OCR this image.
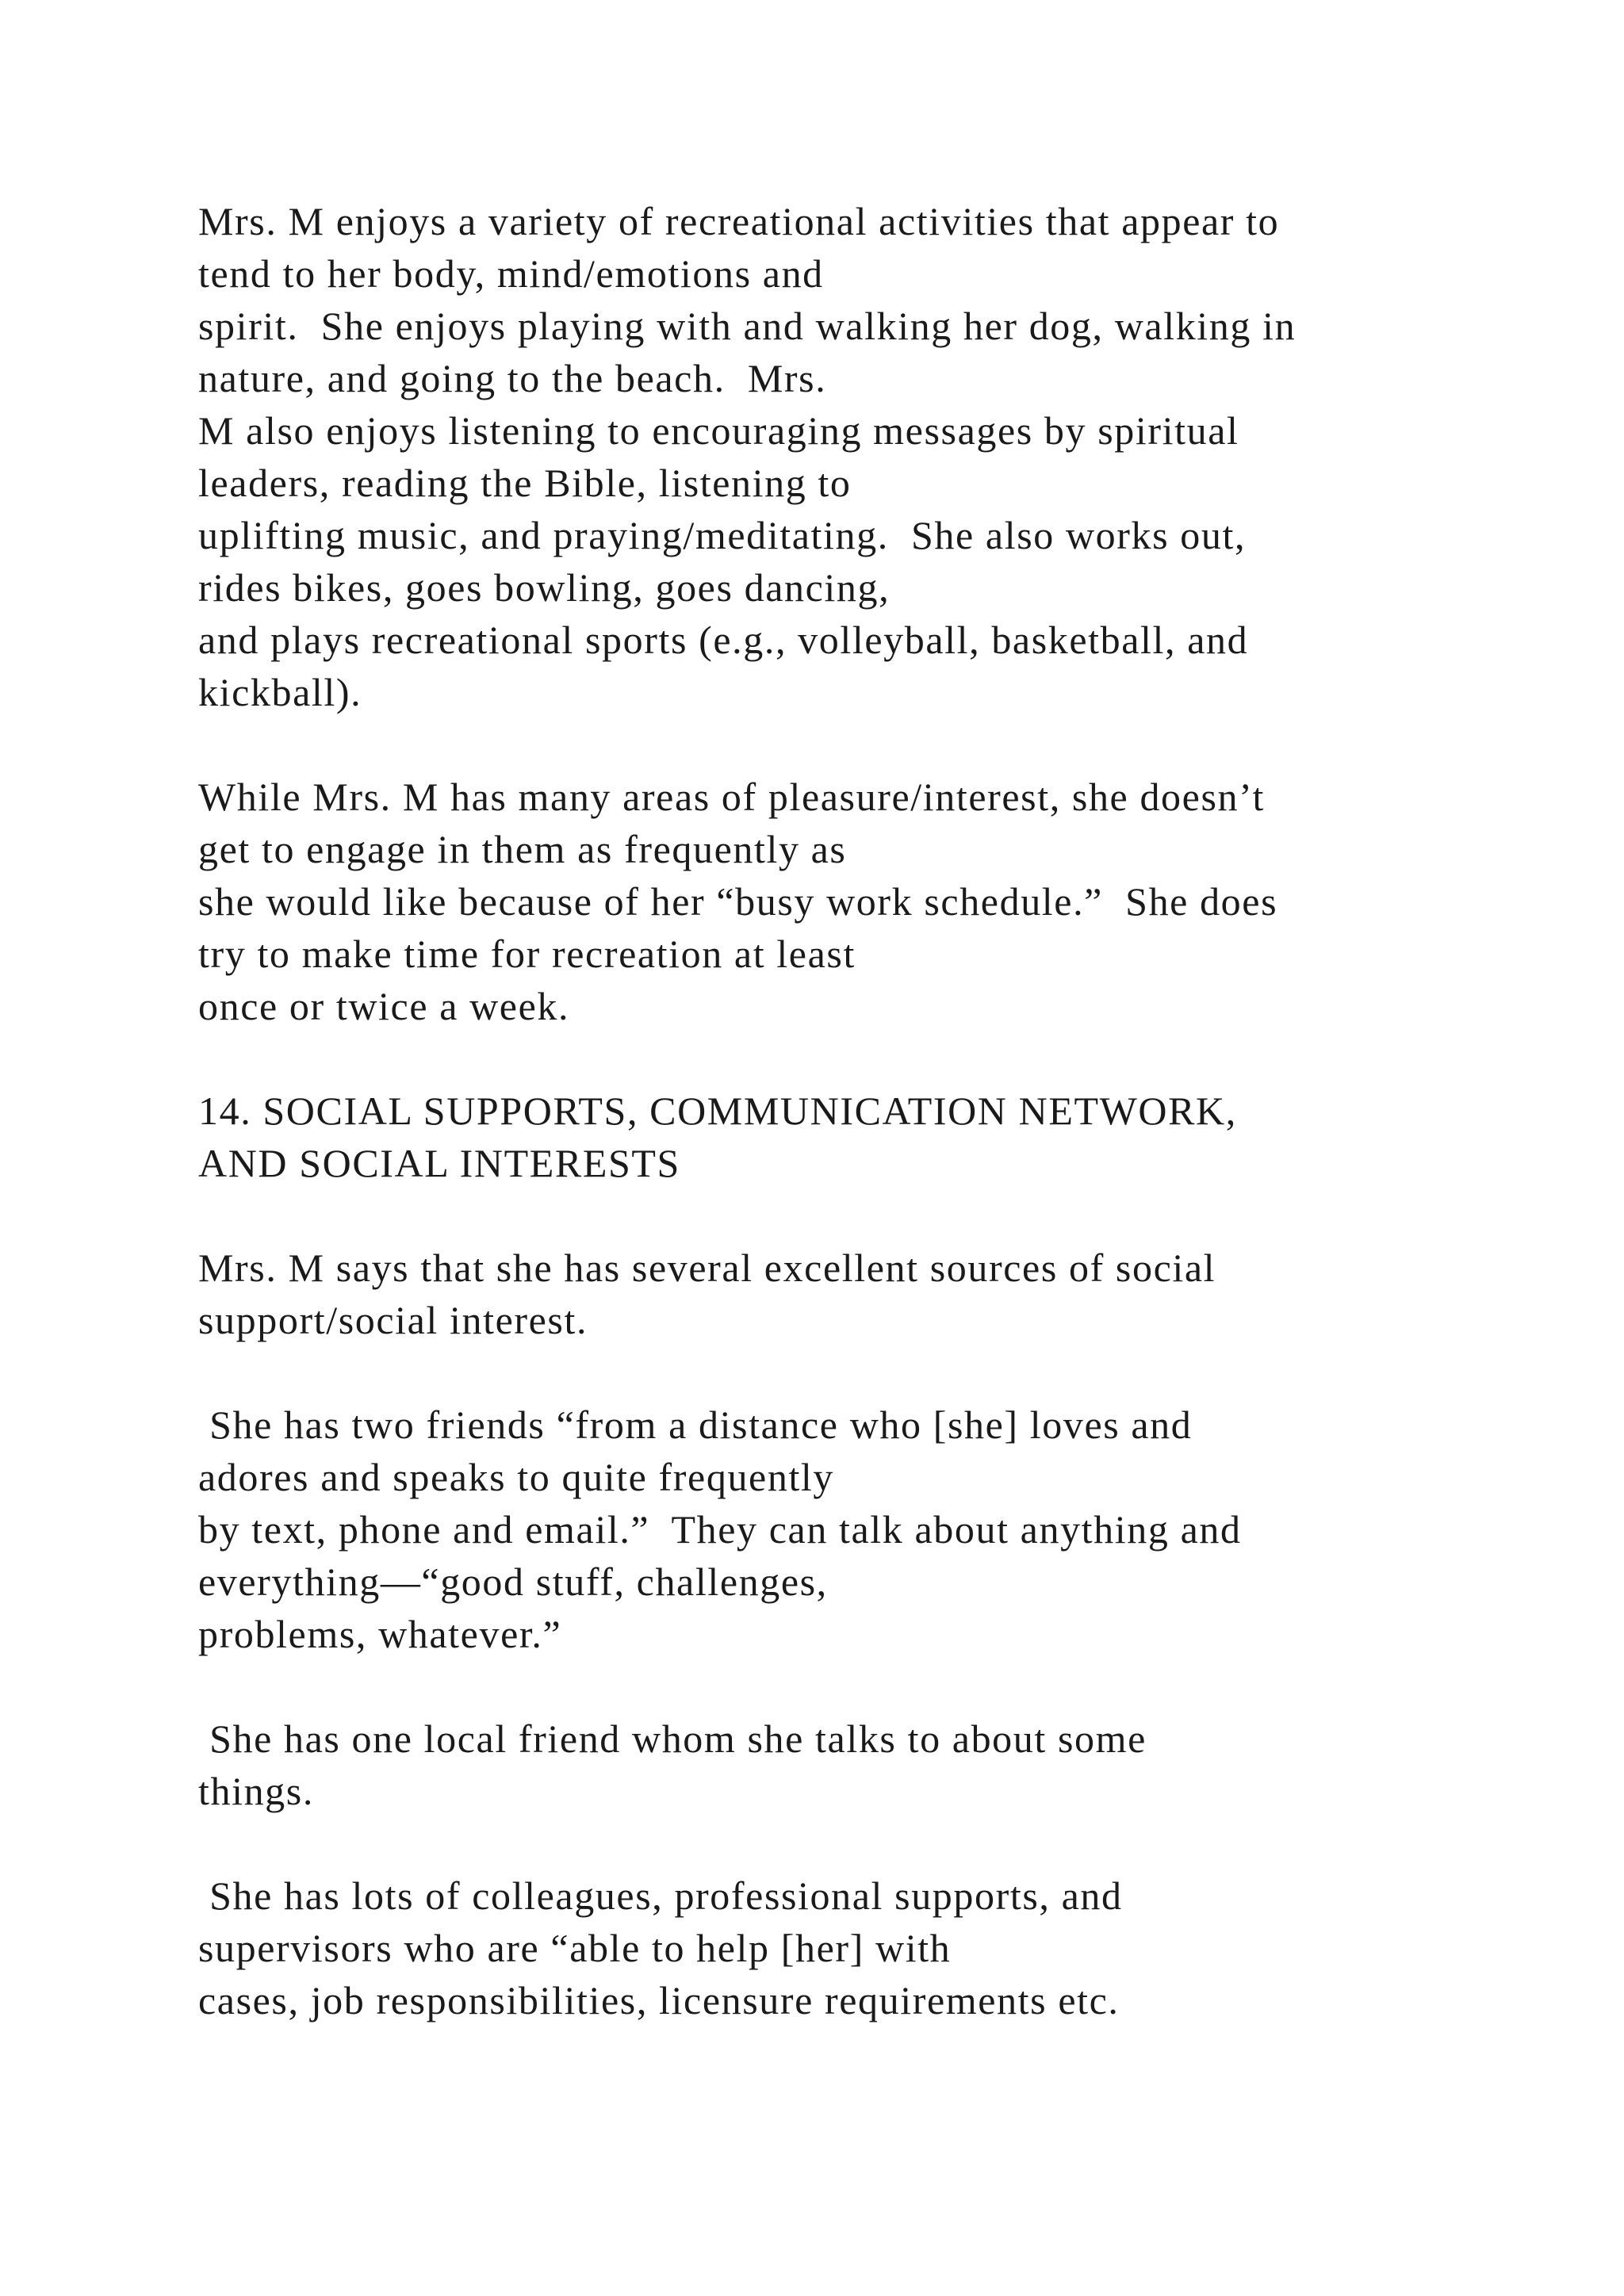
Mrs. M enjoys a variety of recreational activities that appear to
tend to her body, mind/emotions and
spirit.  She enjoys playing with and walking her dog, walking in
nature, and going to the beach.  Mrs.
M also enjoys listening to encouraging messages by spiritual
leaders, reading the Bible, listening to
uplifting music, and praying/meditating.  She also works out,
rides bikes, goes bowling, goes dancing,
and plays recreational sports (e.g., volleyball, basketball, and
kickball).
While Mrs. M has many areas of pleasure/interest, she doesn’t
get to engage in them as frequently as
she would like because of her “busy work schedule.”  She does
try to make time for recreation at least
once or twice a week.
14. SOCIAL SUPPORTS, COMMUNICATION NETWORK,
AND SOCIAL INTERESTS
Mrs. M says that she has several excellent sources of social
support/social interest.
She has two friends “from a distance who [she] loves and
adores and speaks to quite frequently
by text, phone and email.”  They can talk about anything and
everything—“good stuff, challenges,
problems, whatever.”
She has one local friend whom she talks to about some
things.
She has lots of colleagues, professional supports, and
supervisors who are “able to help [her] with
cases, job responsibilities, licensure requirements etc.
